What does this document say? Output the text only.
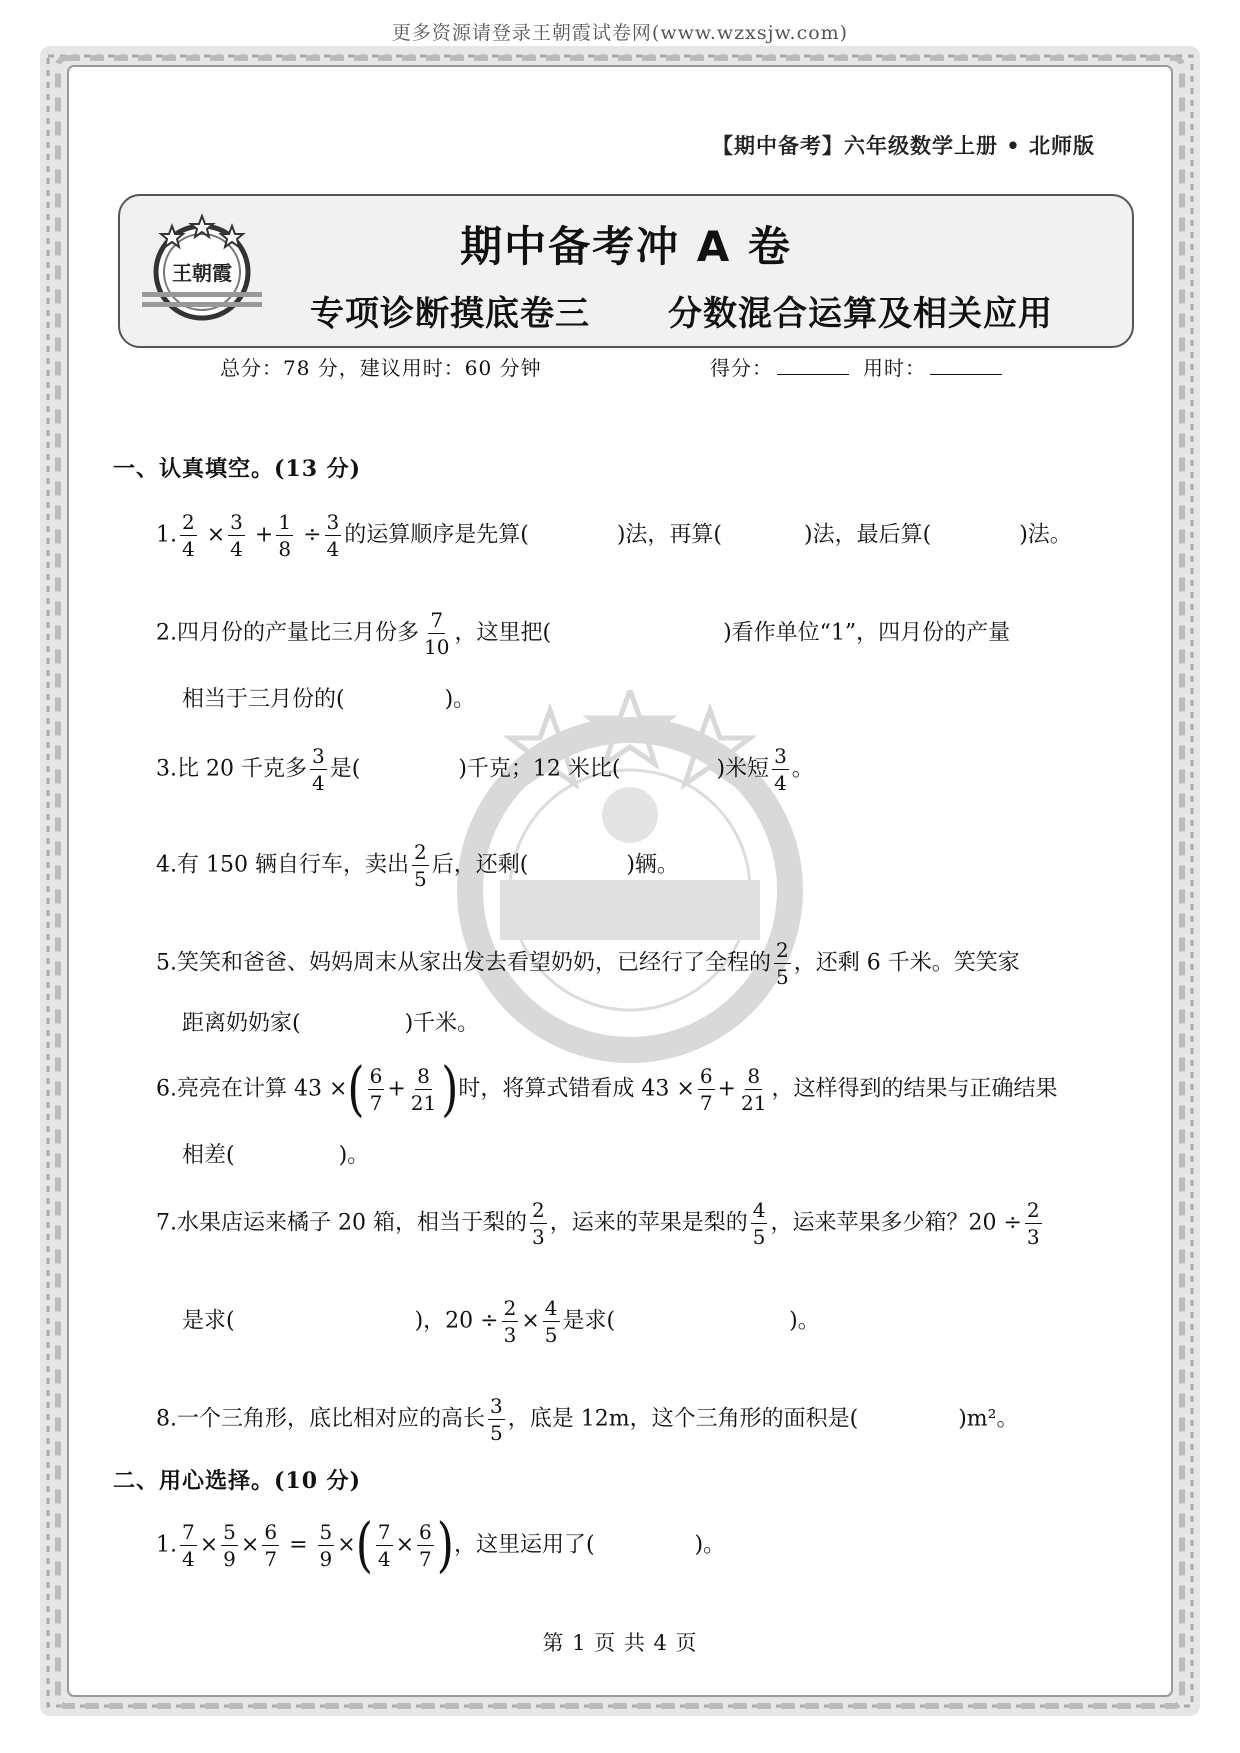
更多资源请登录王朝霞试卷网(www.wzxsjw.com)
【期中备考】六年级数学上册 • 北师版
王朝霞
期中备考冲 A 卷
专项诊断摸底卷三 分数混合运算及相关应用
总分：78 分，建议用时：60 分钟	得分：	用时：
一、认真填空。(13 分)
1. $\frac{2}{4} \times \frac{3}{4} + \frac{1}{8} \div \frac{3}{4}$ 的运算顺序是先算(	)法，再算(	)法，最后算(	)法。
2.四月份的产量比三月份多 $\frac{7}{10}$ ，这里把(	)看作单位“1”，四月份的产量
相当于三月份的(	)。
3.比 20 千克多 $\frac{3}{4}$ 是(	)千克；12 米比(	)米短 $\frac{3}{4}$ 。
4.有 150 辆自行车，卖出 $\frac{2}{5}$ 后，还剩(	)辆。
5.笑笑和爸爸、妈妈周末从家出发去看望奶奶，已经行了全程的 $\frac{2}{5}$ ，还剩 6 千米。笑笑家
距离奶奶家(	)千米。
6.亮亮在计算 43 ×( $\frac{6}{7} + \frac{8}{21}$ )时，将算式错看成 $43 \times \frac{6}{7} + \frac{8}{21}$ ，这样得到的结果与正确结果
相差(	)。
7.水果店运来橘子 20 箱，相当于梨的 $\frac{2}{3}$ ，运来的苹果是梨的 $\frac{4}{5}$ ，运来苹果多少箱？$20 \div \frac{2}{3}$
是求(	)，$20 \div \frac{2}{3} \times \frac{4}{5}$ 是求(	)。
8.一个三角形，底比相对应的高长 $\frac{3}{5}$ ，底是 12m，这个三角形的面积是(	)m²。
二、用心选择。(10 分)
1. $\frac{7}{4} \times \frac{5}{9} \times \frac{6}{7} = \frac{5}{9}$ ×( $\frac{7}{4} \times \frac{6}{7}$ )，这里运用了(	)。
第 1 页 共 4 页
